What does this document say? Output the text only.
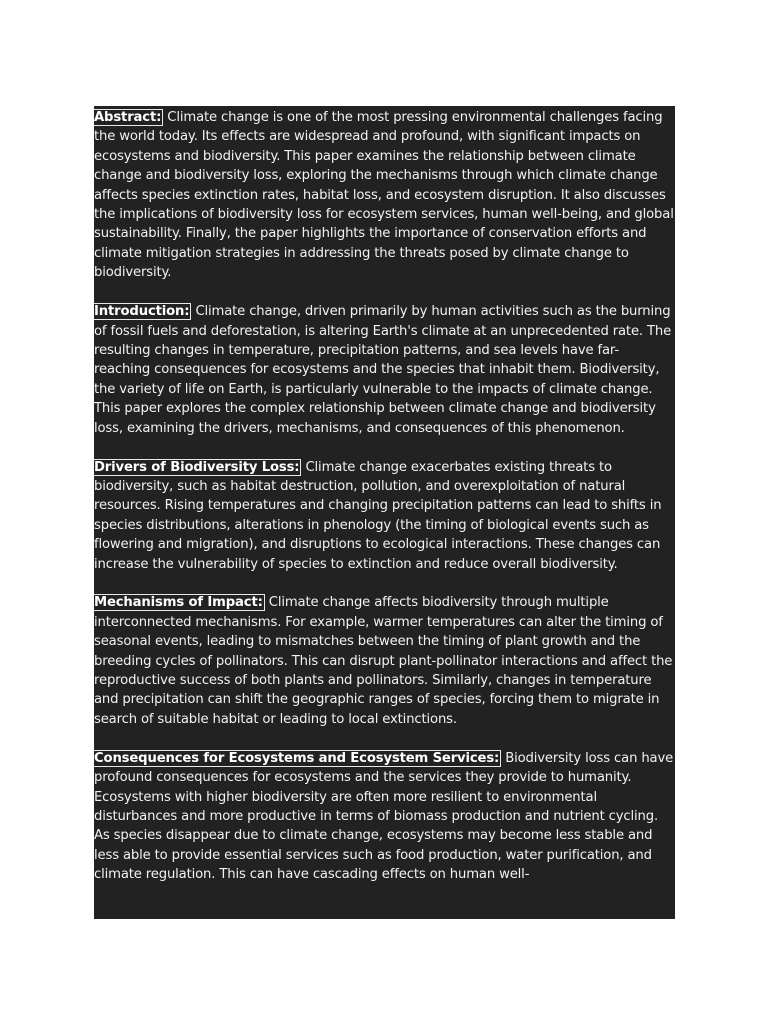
Abstract: Climate change is one of the most pressing environmental challenges facing the world today. Its effects are widespread and profound, with significant impacts on ecosystems and biodiversity. This paper examines the relationship between climate change and biodiversity loss, exploring the mechanisms through which climate change affects species extinction rates, habitat loss, and ecosystem disruption. It also discusses the implications of biodiversity loss for ecosystem services, human well-being, and global sustainability. Finally, the paper highlights the importance of conservation efforts and climate mitigation strategies in addressing the threats posed by climate change to biodiversity.

Introduction: Climate change, driven primarily by human activities such as the burning of fossil fuels and deforestation, is altering Earth's climate at an unprecedented rate. The resulting changes in temperature, precipitation patterns, and sea levels have far-reaching consequences for ecosystems and the species that inhabit them. Biodiversity, the variety of life on Earth, is particularly vulnerable to the impacts of climate change. This paper explores the complex relationship between climate change and biodiversity loss, examining the drivers, mechanisms, and consequences of this phenomenon.

Drivers of Biodiversity Loss: Climate change exacerbates existing threats to biodiversity, such as habitat destruction, pollution, and overexploitation of natural resources. Rising temperatures and changing precipitation patterns can lead to shifts in species distributions, alterations in phenology (the timing of biological events such as flowering and migration), and disruptions to ecological interactions. These changes can increase the vulnerability of species to extinction and reduce overall biodiversity.

Mechanisms of Impact: Climate change affects biodiversity through multiple interconnected mechanisms. For example, warmer temperatures can alter the timing of seasonal events, leading to mismatches between the timing of plant growth and the breeding cycles of pollinators. This can disrupt plant-pollinator interactions and affect the reproductive success of both plants and pollinators. Similarly, changes in temperature and precipitation can shift the geographic ranges of species, forcing them to migrate in search of suitable habitat or leading to local extinctions.

Consequences for Ecosystems and Ecosystem Services: Biodiversity loss can have profound consequences for ecosystems and the services they provide to humanity. Ecosystems with higher biodiversity are often more resilient to environmental disturbances and more productive in terms of biomass production and nutrient cycling. As species disappear due to climate change, ecosystems may become less stable and less able to provide essential services such as food production, water purification, and climate regulation. This can have cascading effects on human well-
